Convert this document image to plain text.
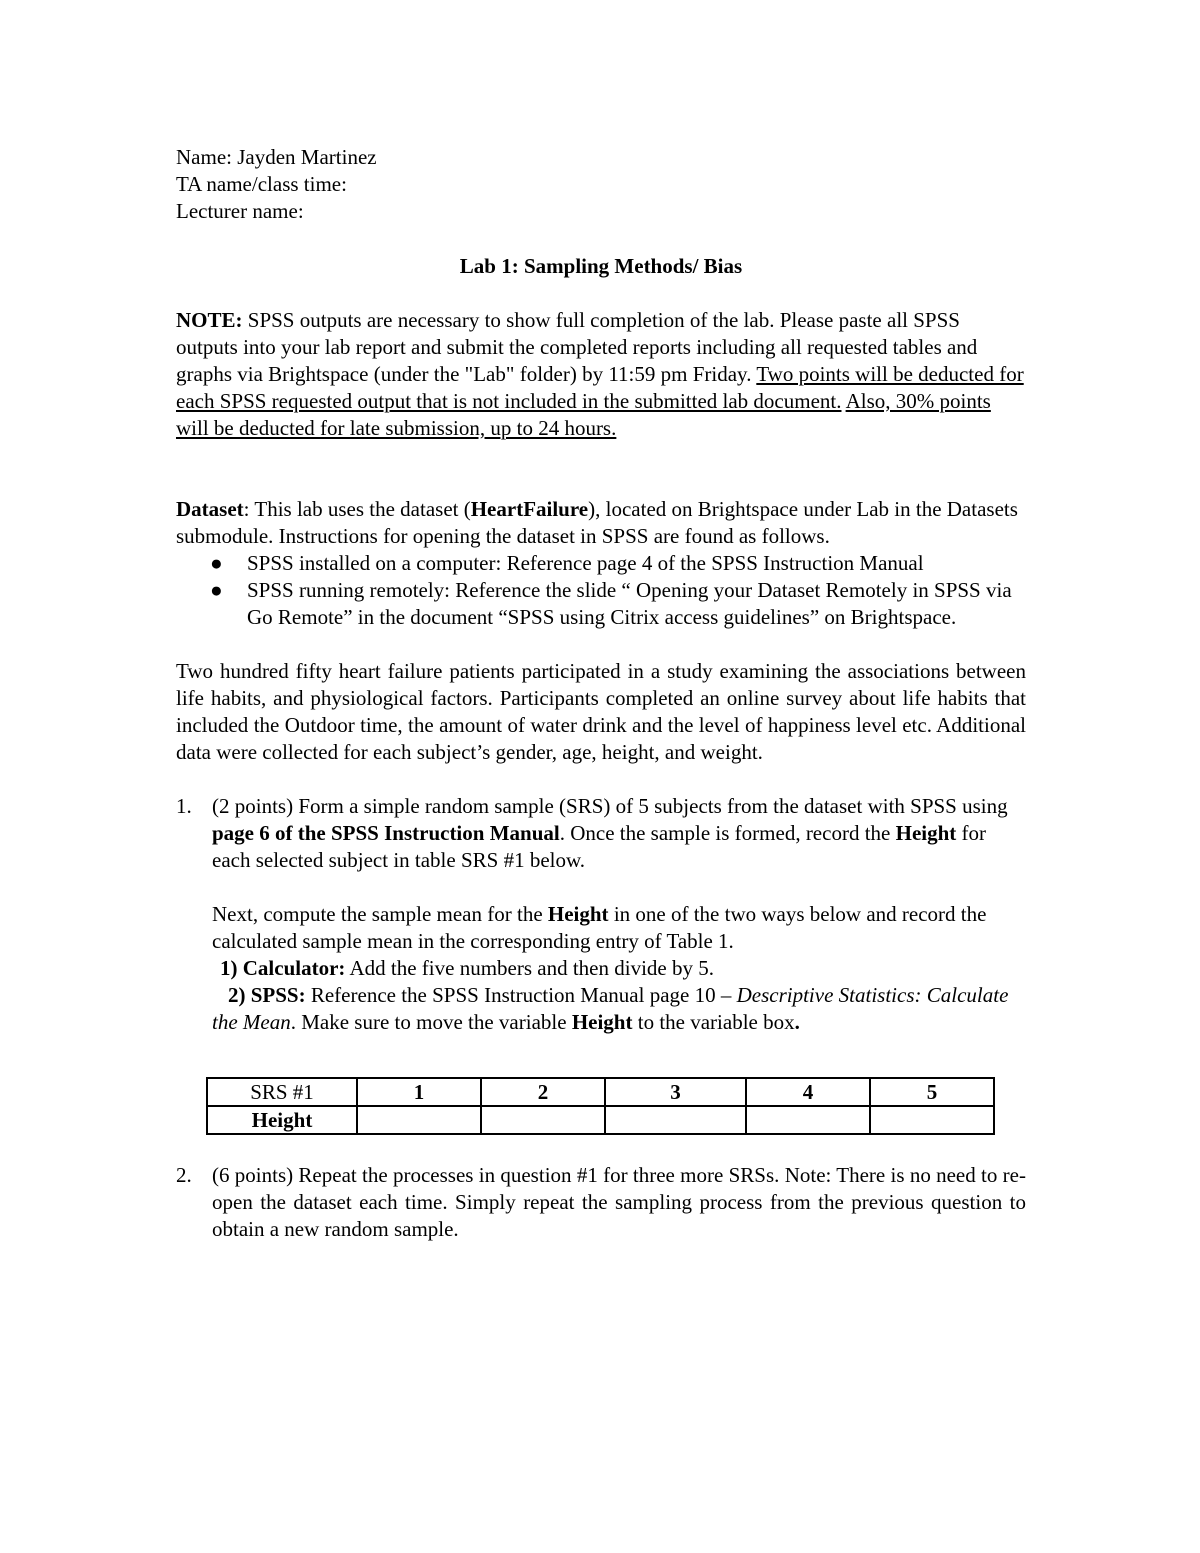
Name: Jayden Martinez

TA name/class time:

Lecturer name:

Lab 1: Sampling Methods/ Bias

NOTE: SPSS outputs are necessary to show full completion of the lab. Please paste all SPSS outputs into your lab report and submit the completed reports including all requested tables and graphs via Brightspace (under the "Lab" folder) by 11:59 pm Friday. Two points will be deducted for each SPSS requested output that is not included in the submitted lab document. Also, 30% points will be deducted for late submission, up to 24 hours.

Dataset: This lab uses the dataset (HeartFailure), located on Brightspace under Lab in the Datasets submodule. Instructions for opening the dataset in SPSS are found as follows.

● SPSS installed on a computer: Reference page 4 of the SPSS Instruction Manual
● SPSS running remotely: Reference the slide “ Opening your Dataset Remotely in SPSS via Go Remote” in the document “SPSS using Citrix access guidelines” on Brightspace.

Two hundred fifty heart failure patients participated in a study examining the associations between life habits, and physiological factors. Participants completed an online survey about life habits that included the Outdoor time, the amount of water drink and the level of happiness level etc. Additional data were collected for each subject’s gender, age, height, and weight.

1. (2 points) Form a simple random sample (SRS) of 5 subjects from the dataset with SPSS using page 6 of the SPSS Instruction Manual. Once the sample is formed, record the Height for each selected subject in table SRS #1 below.

Next, compute the sample mean for the Height in one of the two ways below and record the calculated sample mean in the corresponding entry of Table 1.

1) Calculator: Add the five numbers and then divide by 5.

2) SPSS: Reference the SPSS Instruction Manual page 10 – Descriptive Statistics: Calculate the Mean. Make sure to move the variable Height to the variable box.

SRS #1	1	2	3	4	5
Height					
2. (6 points) Repeat the processes in question #1 for three more SRSs. Note: There is no need to re-open the dataset each time. Simply repeat the sampling process from the previous question to obtain a new random sample.
